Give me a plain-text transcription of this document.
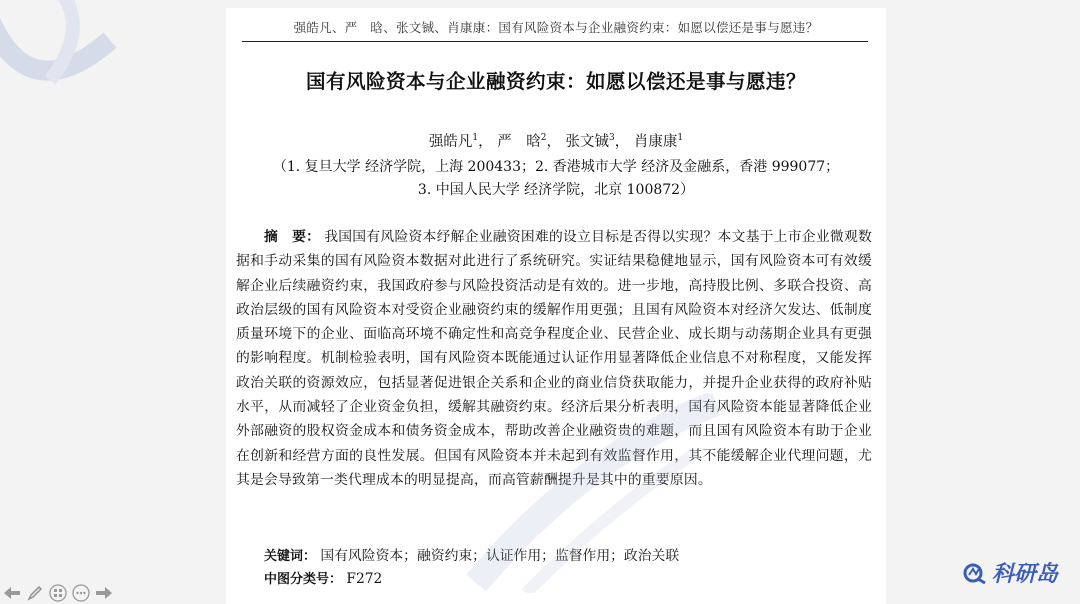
强皓凡、严　晗、张文铖、肖康康：国有风险资本与企业融资约束：如愿以偿还是事与愿违？
国有风险资本与企业融资约束：如愿以偿还是事与愿违？
强皓凡$^1$， 严　晗$^2$， 张文铖$^3$， 肖康康$^1$
（1. 复旦大学 经济学院，上海 200433；2. 香港城市大学 经济及金融系，香港 999077；
3. 中国人民大学 经济学院，北京 100872）
摘　要： 我国国有风险资本纾解企业融资困难的设立目标是否得以实现？本文基于上市企业微观数据和手动采集的国有风险资本数据对此进行了系统研究。实证结果稳健地显示，国有风险资本可有效缓解企业后续融资约束，我国政府参与风险投资活动是有效的。进一步地，高持股比例、多联合投资、高政治层级的国有风险资本对受资企业融资约束的缓解作用更强；且国有风险资本对经济欠发达、低制度质量环境下的企业、面临高环境不确定性和高竞争程度企业、民营企业、成长期与动荡期企业具有更强的影响程度。机制检验表明，国有风险资本既能通过认证作用显著降低企业信息不对称程度，又能发挥政治关联的资源效应，包括显著促进银企关系和企业的商业信贷获取能力，并提升企业获得的政府补贴水平，从而减轻了企业资金负担，缓解其融资约束。经济后果分析表明，国有风险资本能显著降低企业外部融资的股权资金成本和债务资金成本，帮助改善企业融资贵的难题，而且国有风险资本有助于企业在创新和经营方面的良性发展。但国有风险资本并未起到有效监督作用，其不能缓解企业代理问题，尤其是会导致第一类代理成本的明显提高，而高管薪酬提升是其中的重要原因。
关键词： 国有风险资本；融资约束；认证作用；监督作用；政治关联
中图分类号： F272	科研岛
